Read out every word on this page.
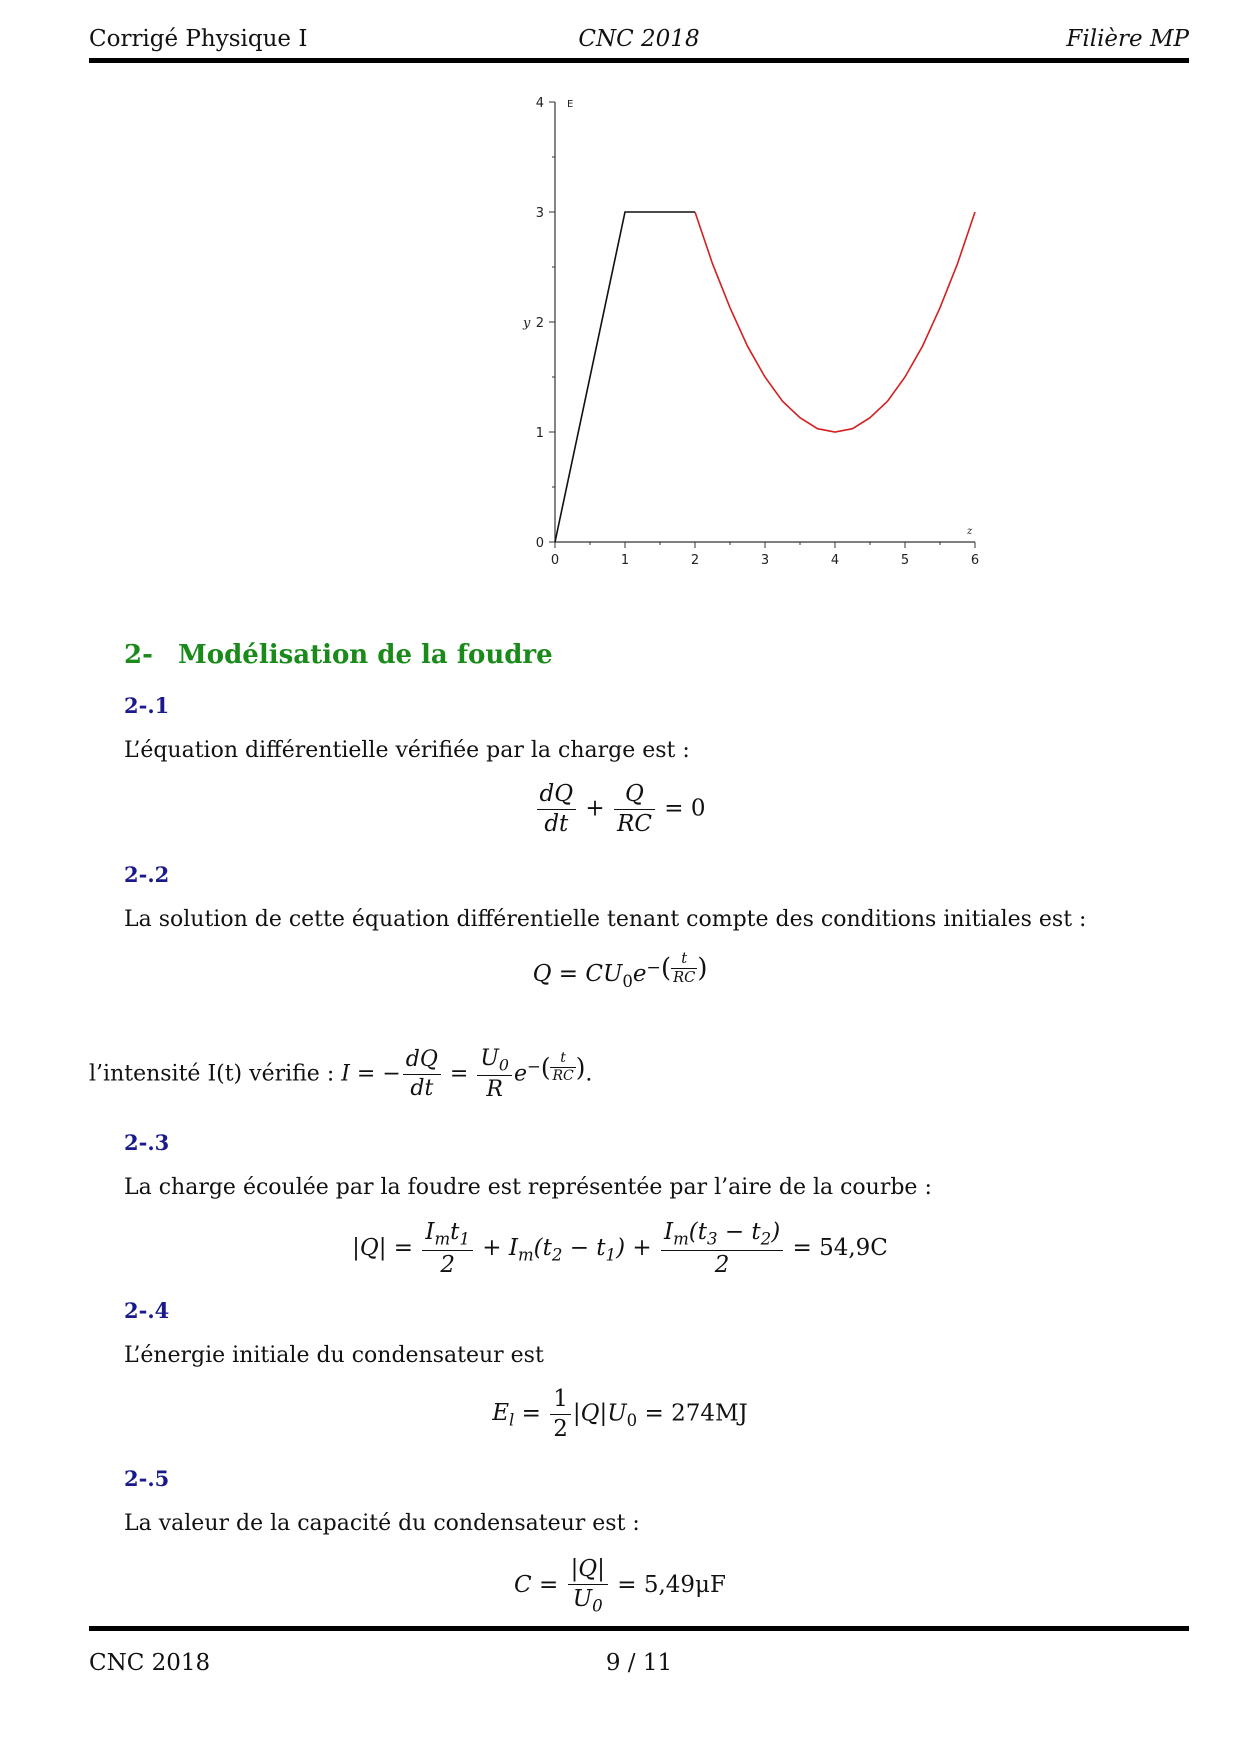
Corrigé Physique I	CNC 2018	Filière MP
0	1	2	3	4	5	6
0
1
2
3
4
y
E
z
2- Modélisation de la foudre
2-.1
L’équation différentielle vérifiée par la charge est :
$\frac{dQ}{dt} + \frac{Q}{RC} = 0$
2-.2
La solution de cette équation différentielle tenant compte des conditions initiales est :
$Q = CU_0e^{-( \frac{t}{RC} )}$
l’intensité I(t) vérifie : I = − $\frac{dQ}{dt} = \frac{U_0}{R} e^{-( \frac{t}{RC} )}$.
2-.3
La charge écoulée par la foudre est représentée par l’aire de la courbe :
$|Q| = \frac{I_mt_1}{2} + I_m(t_2 - t_1) + \frac{I_m(t_3 - t_2)}{2} = 54,9C$
2-.4
L’énergie initiale du condensateur est
$E_l = \frac{1}{2} |Q|U_0 = 274MJ$
2-.5
La valeur de la capacité du condensateur est :
$C = \frac{|Q|}{U_0} = 5,49\mu F$
CNC 2018	9 / 11
